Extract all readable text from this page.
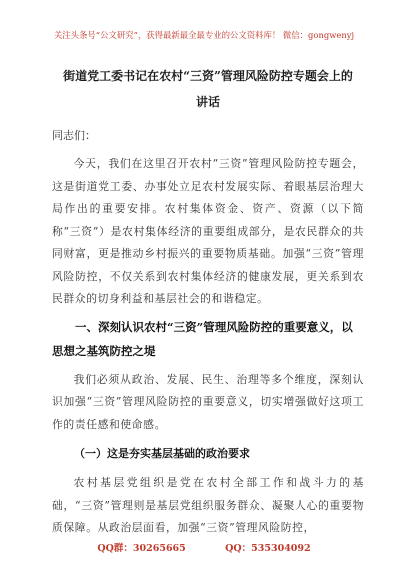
关注头条号“公文研究”，获得最新最全最专业的公文资料库！ 微信：gongwenyj
街道党工委书记在农村“三资”管理风险防控专题会上的
讲话

同志们：

今天，我们在这里召开农村“三资”管理风险防控专题会，这是街道党工委、办事处立足农村发展实际、着眼基层治理大局作出的重要安排。农村集体资金、资产、资源（以下简称“三资”）是农村集体经济的重要组成部分，是农民群众的共同财富，更是推动乡村振兴的重要物质基础。加强“三资”管理风险防控，不仅关系到农村集体经济的健康发展，更关系到农民群众的切身利益和基层社会的和谐稳定。

一、深刻认识农村“三资”管理风险防控的重要意义，以思想之基筑防控之堤

我们必须从政治、发展、民生、治理等多个维度，深刻认识加强“三资”管理风险防控的重要意义，切实增强做好这项工作的责任感和使命感。

（一）这是夯实基层基础的政治要求

农村基层党组织是党在农村全部工作和战斗力的基础，“三资”管理则是基层党组织服务群众、凝聚人心的重要物质保障。从政治层面看，加强“三资”管理风险防控，

QQ群：30265665	QQ：535304092
